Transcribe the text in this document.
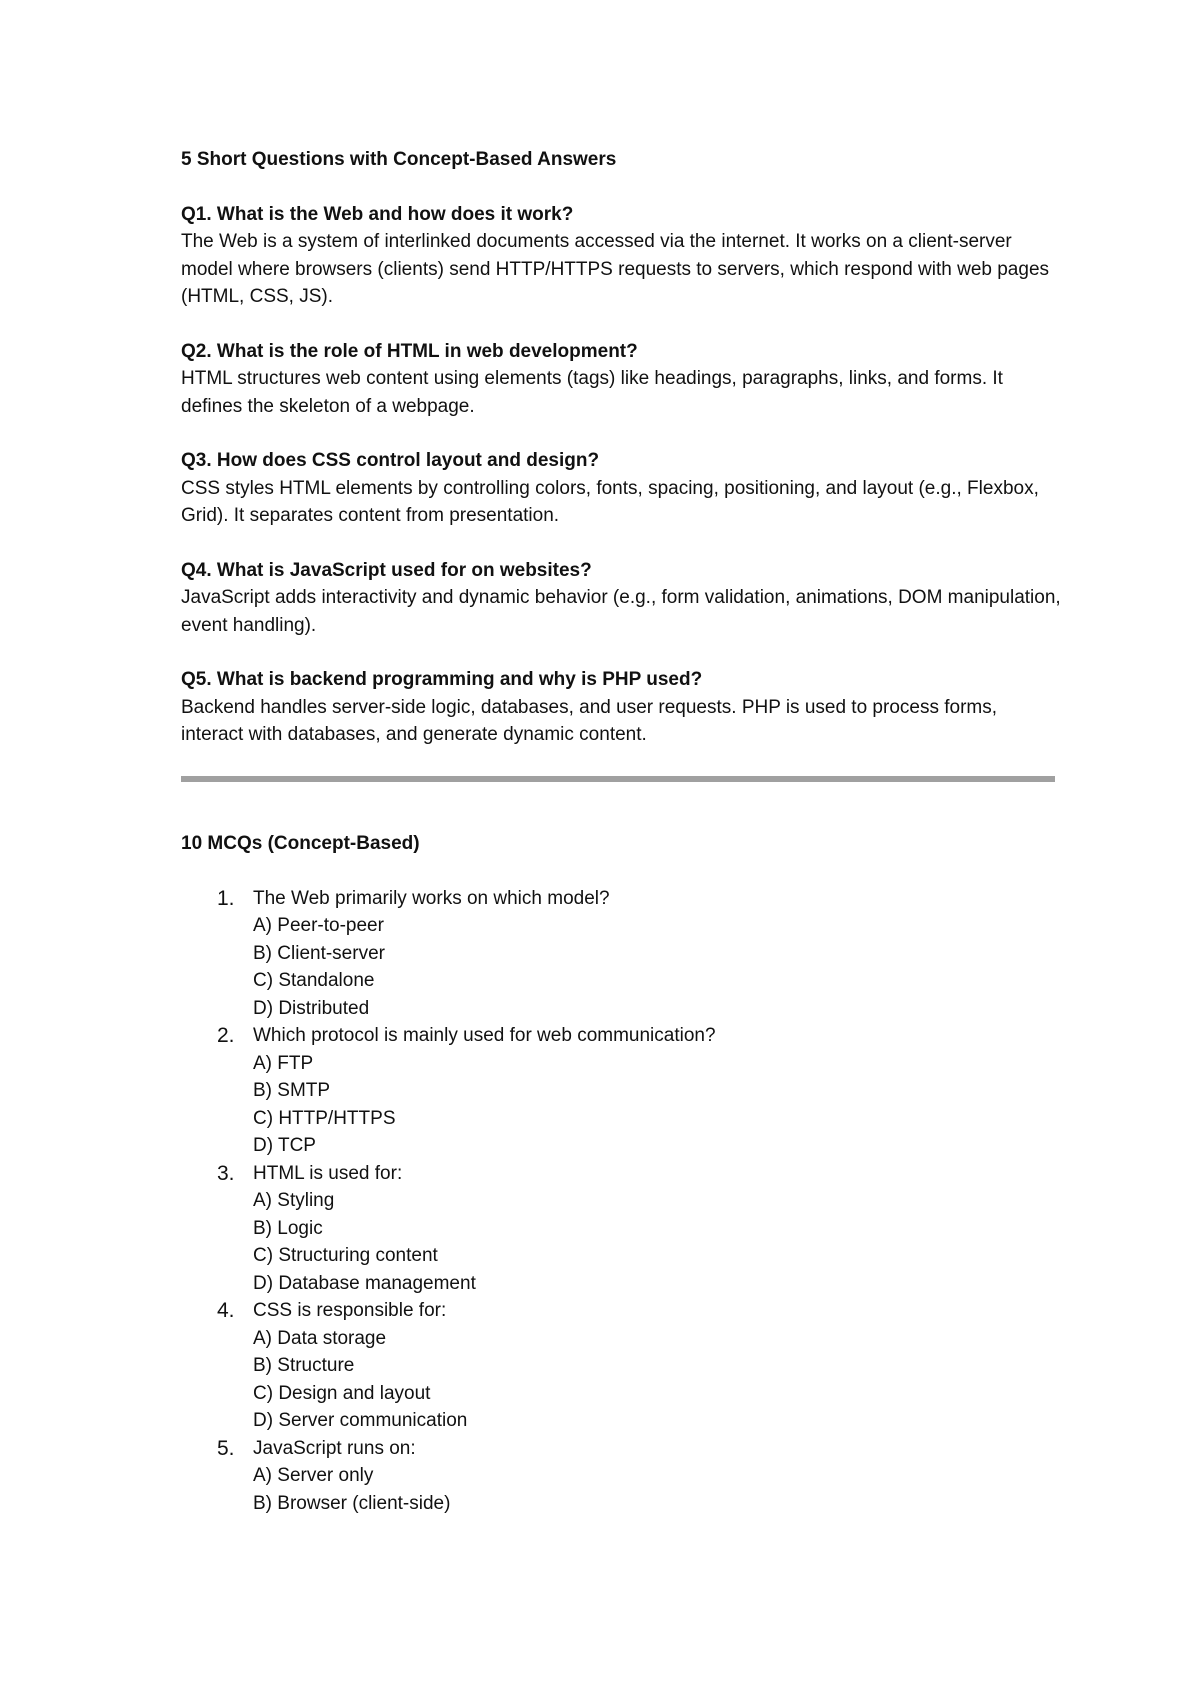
5 Short Questions with Concept-Based Answers

Q1. What is the Web and how does it work?

The Web is a system of interlinked documents accessed via the internet. It works on a client-server model where browsers (clients) send HTTP/HTTPS requests to servers, which respond with web pages (HTML, CSS, JS).

Q2. What is the role of HTML in web development?

HTML structures web content using elements (tags) like headings, paragraphs, links, and forms. It defines the skeleton of a webpage.

Q3. How does CSS control layout and design?

CSS styles HTML elements by controlling colors, fonts, spacing, positioning, and layout (e.g., Flexbox, Grid). It separates content from presentation.

Q4. What is JavaScript used for on websites?

JavaScript adds interactivity and dynamic behavior (e.g., form validation, animations, DOM manipulation, event handling).

Q5. What is backend programming and why is PHP used?

Backend handles server-side logic, databases, and user requests. PHP is used to process forms, interact with databases, and generate dynamic content.

10 MCQs (Concept-Based)

1. The Web primarily works on which model?

A) Peer-to-peer

B) Client-server

C) Standalone

D) Distributed

2. Which protocol is mainly used for web communication?

A) FTP

B) SMTP

C) HTTP/HTTPS

D) TCP

3. HTML is used for:

A) Styling

B) Logic

C) Structuring content

D) Database management

4. CSS is responsible for:

A) Data storage

B) Structure

C) Design and layout

D) Server communication

5. JavaScript runs on:

A) Server only

B) Browser (client-side)
